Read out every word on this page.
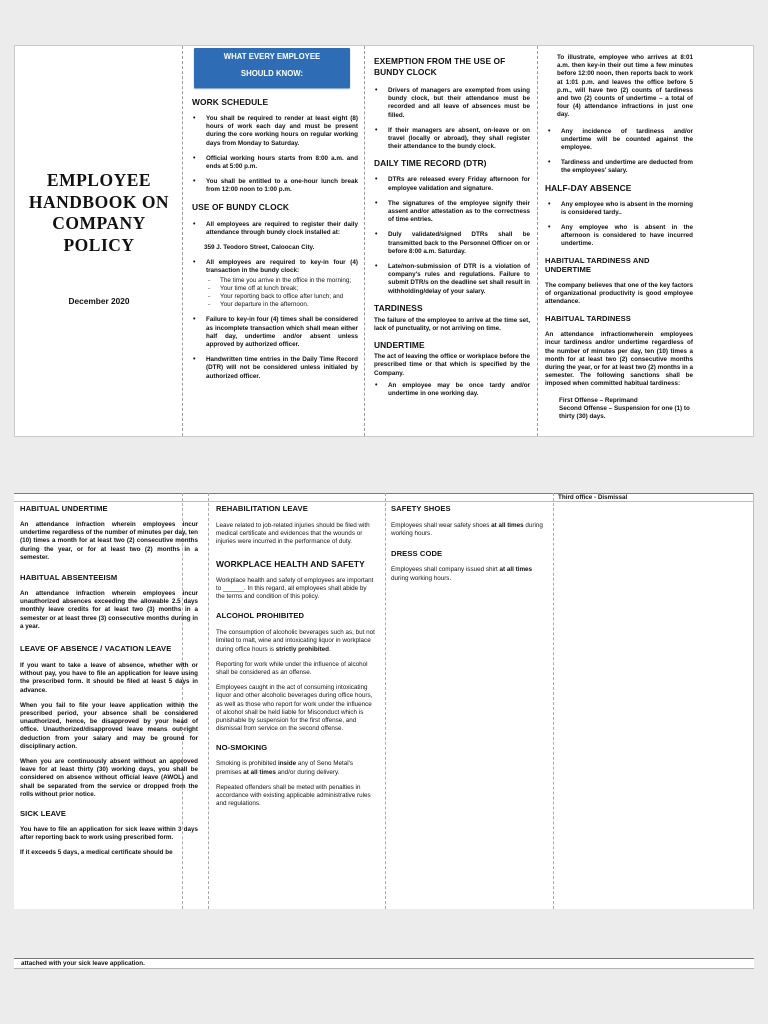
EMPLOYEE
HANDBOOK ON
COMPANY
POLICY
December 2020
WHAT EVERY EMPLOYEE
SHOULD KNOW:
WORK SCHEDULE
• You shall be required to render at least eight (8) hours of work each day and must be present during the core working hours on regular working days from Monday to Saturday.
• Official working hours starts from 8:00 a.m. and ends at 5:00 p.m.
• You shall be entitled to a one-hour lunch break from 12:00 noon to 1:00 p.m.
USE OF BUNDY CLOCK
• All employees are required to register their daily attendance through bundy clock installed at:
359 J. Teodoro Street, Caloocan City.
• All employees are required to key-in four (4) transaction in the bundy clock:
- The time you arrive in the office in the morning;
- Your time off at lunch break;
- Your reporting back to office after lunch; and
- Your departure in the afternoon.
• Failure to key-in four (4) times shall be considered as incomplete transaction which shall mean either half day, undertime and/or absent unless approved by authorized officer.
• Handwritten time entries in the Daily Time Record (DTR) will not be considered unless initialed by authorized officer.
EXEMPTION FROM THE USE OF BUNDY CLOCK
• Drivers of managers are exempted from using bundy clock, but their attendance must be recorded and all leave of absences must be filled.
• If their managers are absent, on-leave or on travel (locally or abroad), they shall register their attendance to the bundy clock.
DAILY TIME RECORD (DTR)
• DTRs are released every Friday afternoon for employee validation and signature.
• The signatures of the employee signify their assent and/or attestation as to the correctness of time entries.
• Duly validated/signed DTRs shall be transmitted back to the Personnel Officer on or before 8:00 a.m. Saturday.
• Late/non-submission of DTR is a violation of company's rules and regulations. Failure to submit DTR/s on the deadline set shall result in withholding/delay of your salary.
TARDINESS
The failure of the employee to arrive at the time set, lack of punctuality, or not arriving on time.
UNDERTIME
The act of leaving the office or workplace before the prescribed time or that which is specified by the Company.
• An employee may be once tardy and/or undertime in one working day.
To illustrate, employee who arrives at 8:01 a.m. then key-in their out time a few minutes before 12:00 noon, then reports back to work at 1:01 p.m. and leaves the office before 5 p.m., will have two (2) counts of tardiness and two (2) counts of undertime – a total of four (4) attendance infractions in just one day.
• Any incidence of tardiness and/or undertime will be counted against the employee.
• Tardiness and undertime are deducted from the employees' salary.
HALF-DAY ABSENCE
• Any employee who is absent in the morning is considered tardy..
• Any employee who is absent in the afternoon is considered to have incurred undertime.
HABITUAL TARDINESS AND UNDERTIME
The company believes that one of the key factors of organizational productivity is good employee attendance.
HABITUAL TARDINESS
An attendance infractionwherein employees incur tardiness and/or undertime regardless of the number of minutes per day, ten (10) times a month for at least two (2) consecutive months during the year, or for at least two (2) months in a semester. The following sanctions shall be imposed when committed habitual tardiness:
First Offense – Reprimand
Second Offense – Suspension for one (1) to thirty (30) days.
Third office - Dismissal
HABITUAL UNDERTIME
An attendance infraction wherein employees incur undertime regardless of the number of minutes per day, ten (10) times a month for at least two (2) consecutive months during the year, or for at least two (2) months in a semester.
HABITUAL ABSENTEEISM
An attendance infraction wherein employees incur unauthorized absences exceeding the allowable 2.5 days monthly leave credits for at least two (3) months in a semester or at least three (3) consecutive months during in a year.
LEAVE OF ABSENCE / VACATION LEAVE
If you want to take a leave of absence, whether with or without pay, you have to file an application for leave using the prescribed form. It should be filed at least 5 days in advance.
When you fail to file your leave application within the prescribed period, your absence shall be considered unauthorized, hence, be disapproved by your head of office. Unauthorized/disapproved leave means out-right deduction from your salary and may be ground for disciplinary action.
When you are continuously absent without an approved leave for at least thirty (30) working days, you shall be considered on absence without official leave (AWOL) and shall be separated from the service or dropped from the rolls without prior notice.
SICK LEAVE
You have to file an application for sick leave within 3 days after reporting back to work using prescribed form.
If it exceeds 5 days, a medical certificate should be
REHABILITATION LEAVE
Leave related to job-related injuries should be filed with medical certificate and evidences that the wounds or injuries were incurred in the performance of duty.
WORKPLACE HEALTH AND SAFETY
Workplace health and safety of employees are important to ______. In this regard, all employees shall abide by the terms and condition of this policy.
ALCOHOL PROHIBITED
The consumption of alcoholic beverages such as, but not limited to malt, wine and intoxicating liquor in workplace during office hours is strictly prohibited.
Reporting for work while under the influence of alcohol shall be considered as an offense.
Employees caught in the act of consuming intoxicating liquor and other alcoholic beverages during office hours, as well as those who report for work under the influence of alcohol shall be held liable for Misconduct which is punishable by suspension for the first offense, and dismissal from service on the second offense.
NO-SMOKING
Smoking is prohibited inside any of Seno Metal's premises at all times and/or during delivery.
Repeated offenders shall be meted with penalties in accordance with existing applicable administrative rules and regulations.
SAFETY SHOES
Employees shall wear safety shoes at all times during working hours.
DRESS CODE
Employees shall company issued shirt at all times during working hours.
attached with your sick leave application.
